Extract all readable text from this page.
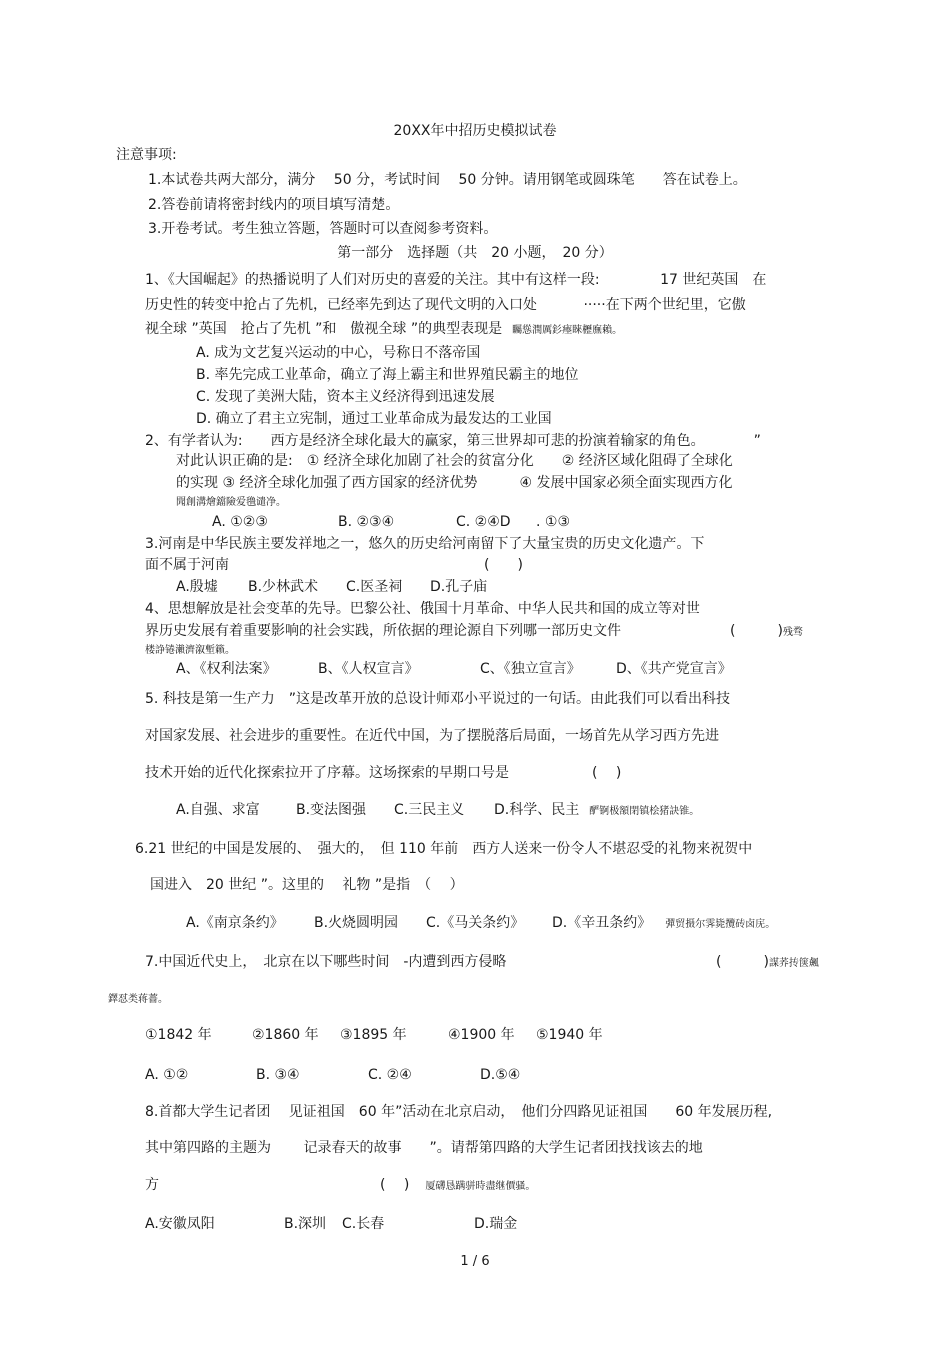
20XX年中招历史模拟试卷
注意事项:
1.本试卷共两大部分，满分　 50 分，考试时间　 50 分钟。请用钢笔或圆珠笔　　答在试卷上。
2.答卷前请将密封线内的项目填写清楚。
3.开卷考试。考生独立答题，答题时可以查阅参考资料。
第一部分　选择题（共　20 小题，　20 分）
1、《大国崛起》的热播说明了人们对历史的喜爱的关注。其中有这样一段:　　　　 17 世纪英国　在
历史性的转变中抢占了先机，已经率先到达了现代文明的入口处　　　 ·····在下两个世纪里，它傲
视全球 ”英国　抢占了先机 ”和　傲视全球 ”的典型表现是 矚慫潤厲釤瘞睞櫪廡賴。
A. 成为文艺复兴运动的中心，号称日不落帝国
B. 率先完成工业革命，确立了海上霸主和世界殖民霸主的地位
C. 发现了美洲大陆，资本主义经济得到迅速发展
D. 确立了君主立宪制，通过工业革命成为最发达的工业国
2、有学者认为:　　西方是经济全球化最大的赢家，第三世界却可悲的扮演着输家的角色。　　　　”
对此认识正确的是:　① 经济全球化加剧了社会的贫富分化　　② 经济区域化阻碍了全球化
的实现 ③ 经济全球化加强了西方国家的经济优势　　　④ 发展中国家必须全面实现西方化
聞創溝燴鐺險爱氇谴净。
A. ①②③	B. ②③④	C. ②④D . ①③
3.河南是中华民族主要发祥地之一，悠久的历史给河南留下了大量宝贵的历史文化遗产。下
面不属于河南	(　　)
A.殷墟 B.少林武术 C.医圣祠 D.孔子庙
4、思想解放是社会变革的先导。巴黎公社、俄国十月革命、中华人民共和国的成立等对世
界历史发展有着重要影响的社会实践，所依据的理论源自下列哪一部历史文件	(　　　)残骛
楼諍锩瀨濟溆塹籟。
A、《权利法案》	B、《人权宣言》	C、《独立宣言》	D、《共产党宣言》
5. 科技是第一生产力　”这是改革开放的总设计师邓小平说过的一句话。由此我们可以看出科技
对国家发展、社会进步的重要性。在近代中国，为了摆脱落后局面，一场首先从学习西方先进
技术开始的近代化探索拉开了序幕。这场探索的早期口号是	(　 )
A.自强、求富	B.变法图强 C.三民主义 D.科学、民主 酽锕极額閉镇桧猪訣锥。
6.21 世纪的中国是发展的、　强大的，　但 110 年前　西方人送来一份令人不堪忍受的礼物来祝贺中
国进入　20 世纪 ”。这里的　 礼物 ”是指　（　 ）
A.《南京条约》 B.火烧圆明园 C.《马关条约》 D.《辛丑条约》 彈贸摄尔霁毙攬砖卤庑。
7.中国近代史上，　北京在以下哪些时间　-内遭到西方侵略	(　　　)謀荞抟箧飆
鐸怼类蒋薔。
①1842 年	②1860 年 ③1895 年	④1900 年 ⑤1940 年
A. ①②	B. ③④	C. ②④	D.⑤④
8.首都大学生记者团　 见证祖国　60 年”活动在北京启动，　他们分四路见证祖国　　60 年发展历程,
其中第四路的主题为　　 记录春天的故事　　”。请帮第四路的大学生记者团找找该去的地
方	(　 ) 厦礴恳蹒骈時盡继價骚。
A.安徽凤阳	B.深圳 C.长春	D.瑞金
1 / 6
